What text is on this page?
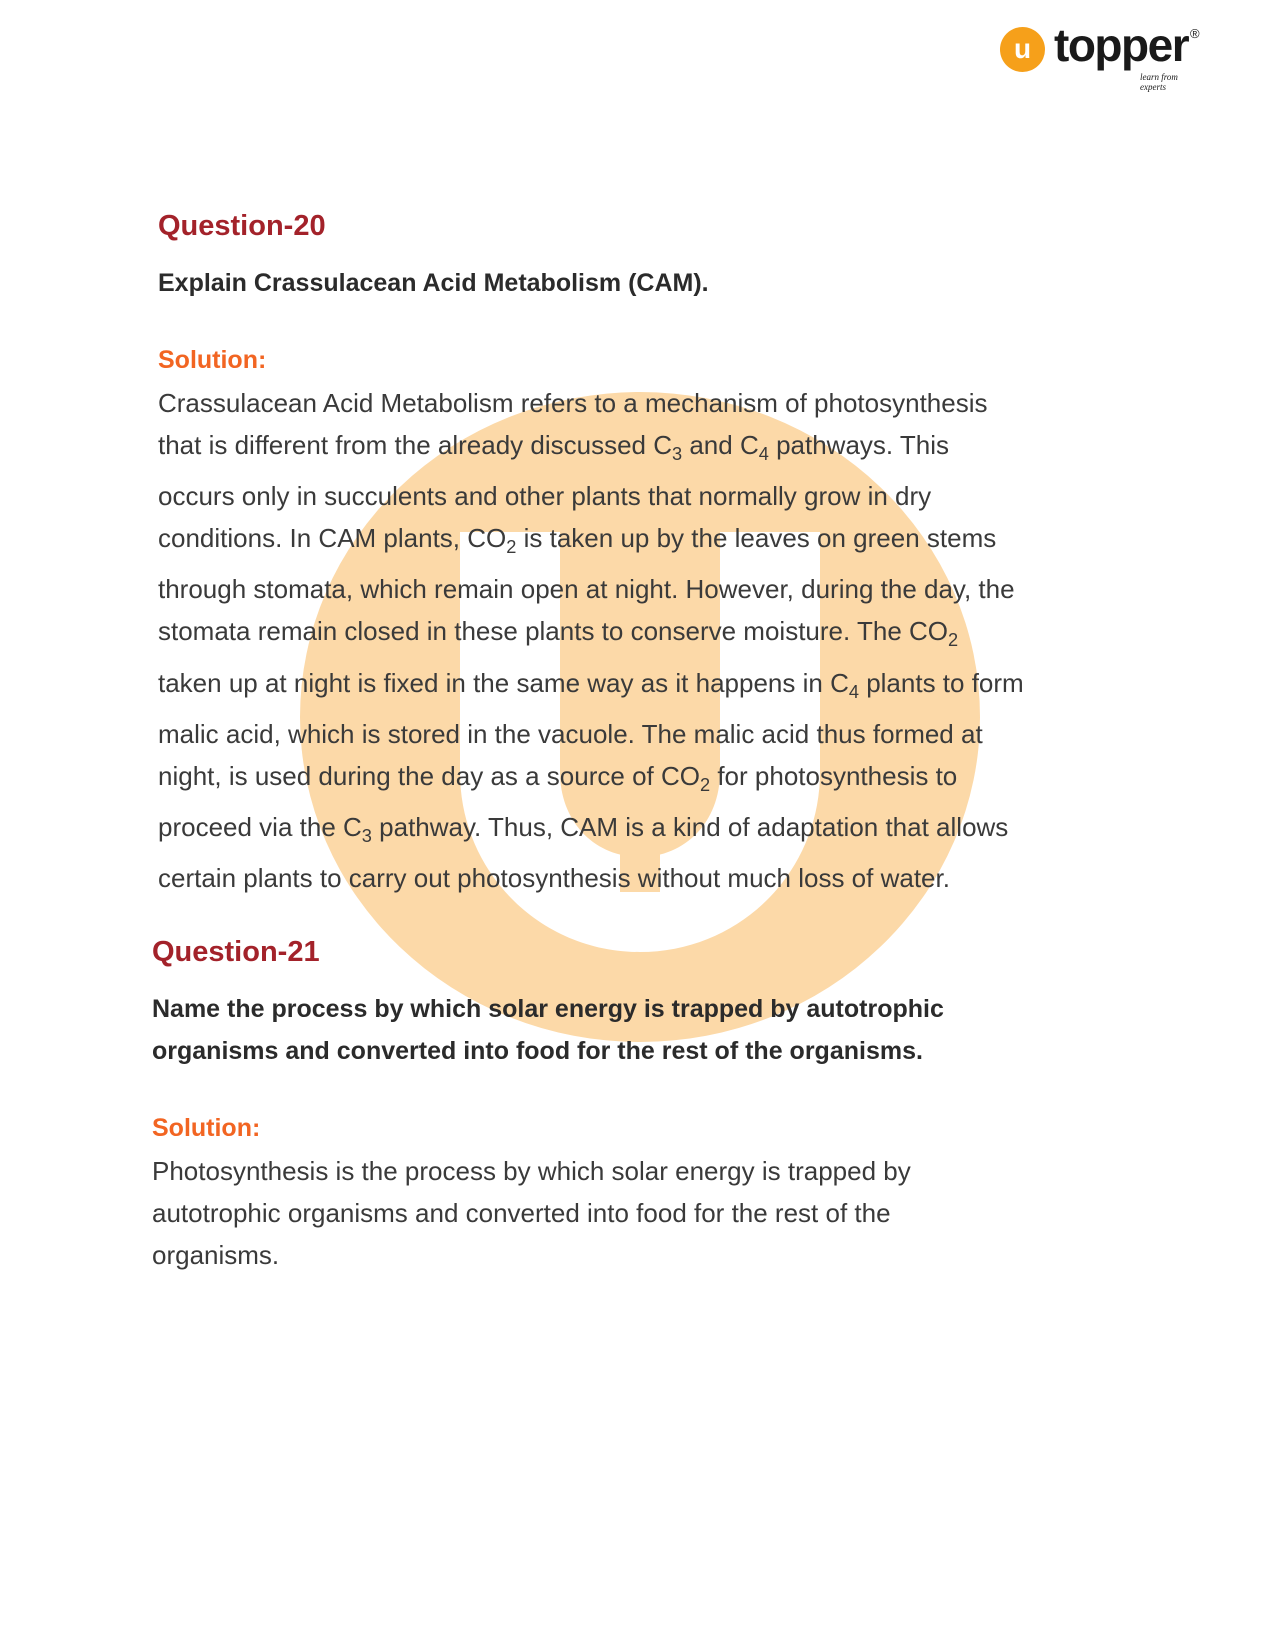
u topper ®
learn from experts
Question-20

Explain Crassulacean Acid Metabolism (CAM).

Solution:
Crassulacean Acid Metabolism refers to a mechanism of photosynthesis
that is different from the already discussed $C_3$ and $C_4$ pathways. This
occurs only in succulents and other plants that normally grow in dry
conditions. In CAM plants, $CO_2$ is taken up by the leaves on green stems
through stomata, which remain open at night. However, during the day, the
stomata remain closed in these plants to conserve moisture. The $CO_2$
taken up at night is fixed in the same way as it happens in $C_4$ plants to form
malic acid, which is stored in the vacuole. The malic acid thus formed at
night, is used during the day as a source of $CO_2$ for photosynthesis to
proceed via the $C_3$ pathway. Thus, CAM is a kind of adaptation that allows
certain plants to carry out photosynthesis without much loss of water.
Question-21

Name the process by which solar energy is trapped by autotrophic

organisms and converted into food for the rest of the organisms.

Solution:
Photosynthesis is the process by which solar energy is trapped by
autotrophic organisms and converted into food for the rest of the
organisms.
